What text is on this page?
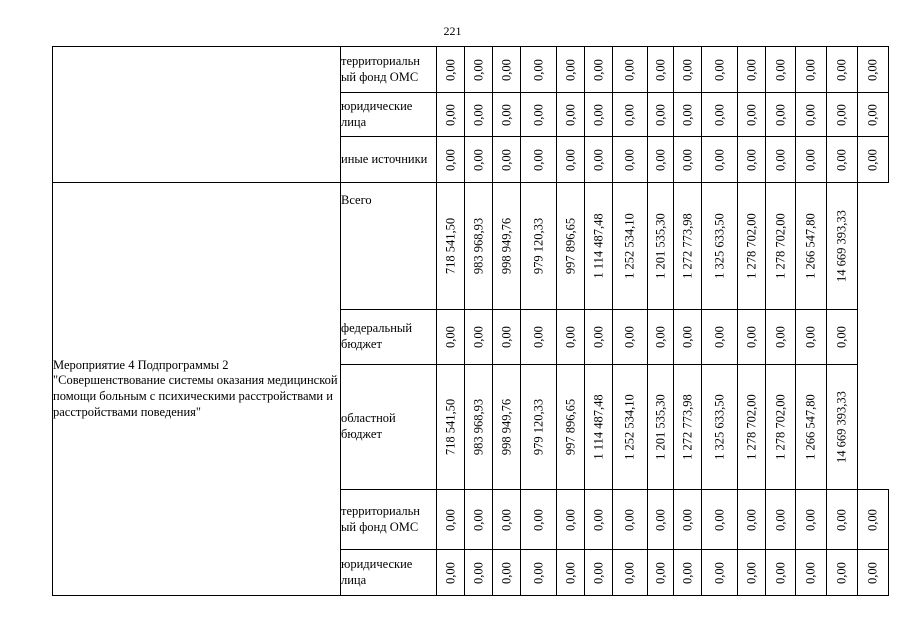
221
	территориальн ый фонд ОМС	0,00	0,00	0,00	0,00	0,00	0,00	0,00	0,00	0,00	0,00	0,00	0,00	0,00	0,00	0,00

	юридические лица	0,00	0,00	0,00	0,00	0,00	0,00	0,00	0,00	0,00	0,00	0,00	0,00	0,00	0,00	0,00

	иные источники	0,00	0,00	0,00	0,00	0,00	0,00	0,00	0,00	0,00	0,00	0,00	0,00	0,00	0,00	0,00

Мероприятие 4 Подпрограммы 2 "Совершенствование системы оказания медицинской помощи больным с психическими расстройствами и расстройствами поведения"	Всего	718 541,50	983 968,93	998 949,76	979 120,33	997 896,65	1 114 487,48	1 252 534,10	1 201 535,30	1 272 773,98	1 325 633,50	1 278 702,00	1 278 702,00	1 266 547,80	14 669 393,33	

	федеральный бюджет	0,00	0,00	0,00	0,00	0,00	0,00	0,00	0,00	0,00	0,00	0,00	0,00	0,00	0,00	

	областной бюджет	718 541,50	983 968,93	998 949,76	979 120,33	997 896,65	1 114 487,48	1 252 534,10	1 201 535,30	1 272 773,98	1 325 633,50	1 278 702,00	1 278 702,00	1 266 547,80	14 669 393,33	

	территориальн ый фонд ОМС	0,00	0,00	0,00	0,00	0,00	0,00	0,00	0,00	0,00	0,00	0,00	0,00	0,00	0,00	0,00

	юридические лица	0,00	0,00	0,00	0,00	0,00	0,00	0,00	0,00	0,00	0,00	0,00	0,00	0,00	0,00	0,00
